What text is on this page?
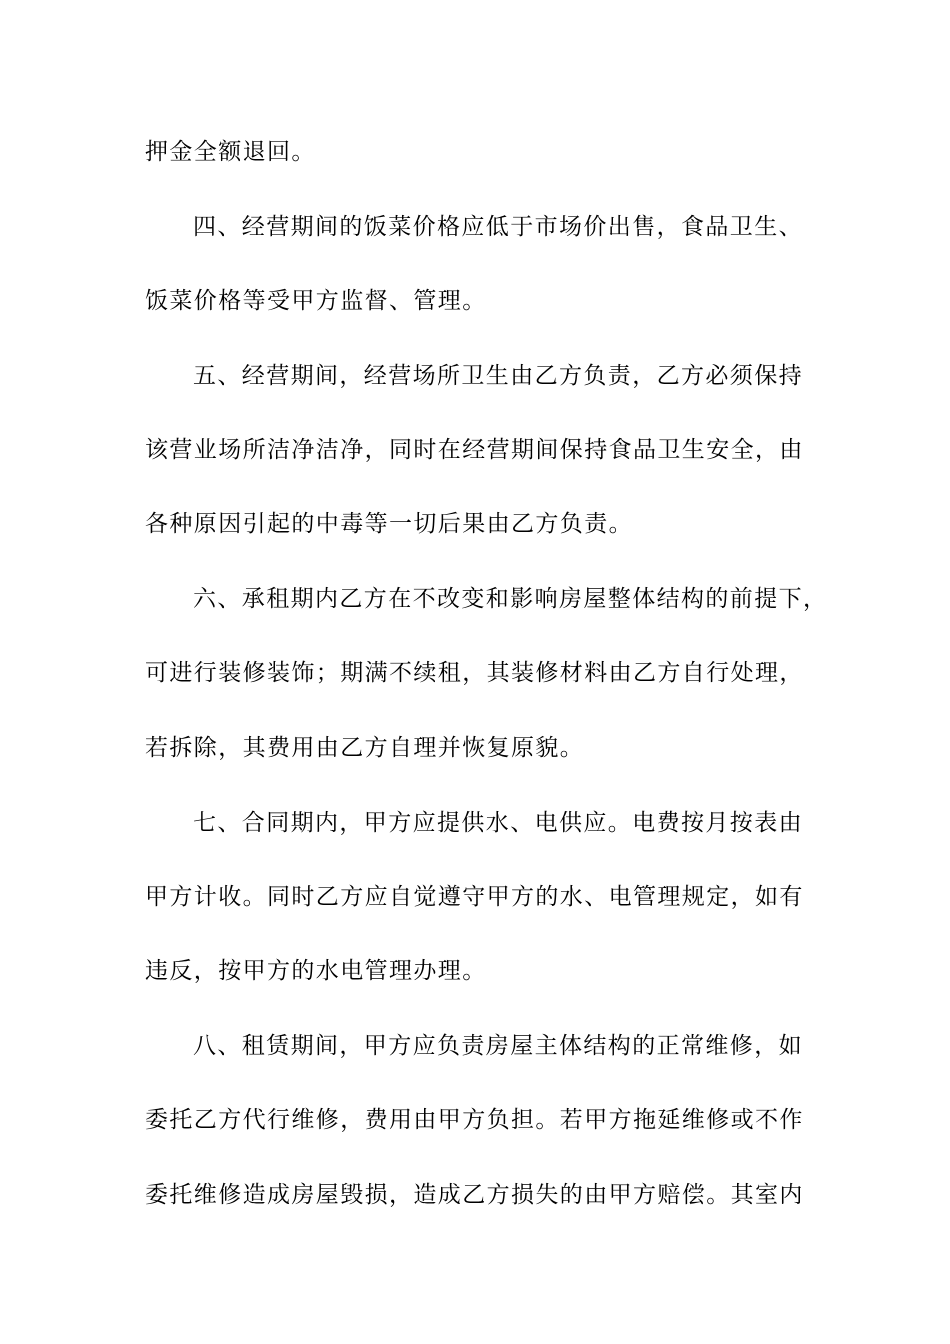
押金全额退回。
四、经营期间的饭菜价格应低于市场价出售，食品卫生、
饭菜价格等受甲方监督、管理。
五、经营期间，经营场所卫生由乙方负责，乙方必须保持
该营业场所洁净洁净，同时在经营期间保持食品卫生安全，由
各种原因引起的中毒等一切后果由乙方负责。
六、承租期内乙方在不改变和影响房屋整体结构的前提下，
可进行装修装饰；期满不续租，其装修材料由乙方自行处理，
若拆除，其费用由乙方自理并恢复原貌。
七、合同期内，甲方应提供水、电供应。电费按月按表由
甲方计收。同时乙方应自觉遵守甲方的水、电管理规定，如有
违反，按甲方的水电管理办理。
八、租赁期间，甲方应负责房屋主体结构的正常维修，如
委托乙方代行维修，费用由甲方负担。若甲方拖延维修或不作
委托维修造成房屋毁损，造成乙方损失的由甲方赔偿。其室内
